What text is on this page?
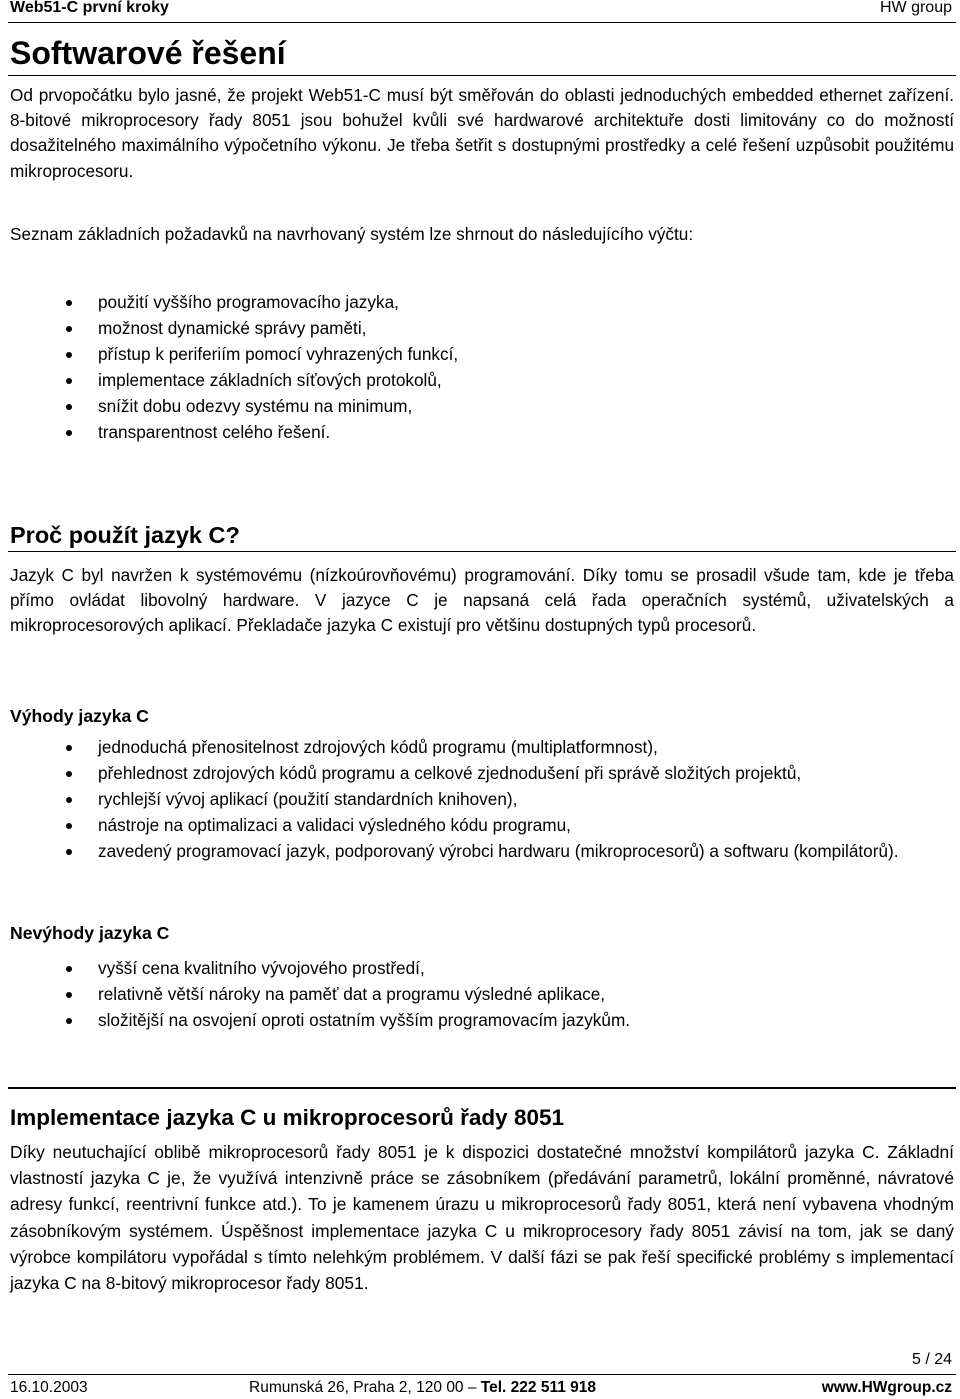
Web51-C první kroky	HW group
Softwarové řešení

Od prvopočátku bylo jasné, že projekt Web51-C musí být směřován do oblasti jednoduchých embedded ethernet zařízení. 8-bitové mikroprocesory řady 8051 jsou bohužel kvůli své hardwarové architektuře dosti limitovány co do možností dosažitelného maximálního výpočetního výkonu. Je třeba šetřit s dostupnými prostředky a celé řešení uzpůsobit použitému mikroprocesoru.

Seznam základních požadavků na navrhovaný systém lze shrnout do následujícího výčtu:

použití vyššího programovacího jazyka,
možnost dynamické správy paměti,
přístup k periferiím pomocí vyhrazených funkcí,
implementace základních síťových protokolů,
snížit dobu odezvy systému na minimum,
transparentnost celého řešení.
Proč použít jazyk C?

Jazyk C byl navržen k systémovému (nízkoúrovňovému) programování. Díky tomu se prosadil všude tam, kde je třeba přímo ovládat libovolný hardware. V jazyce C je napsaná celá řada operačních systémů, uživatelských a mikroprocesorových aplikací. Překladače jazyka C existují pro většinu dostupných typů procesorů.

Výhody jazyka C
jednoduchá přenositelnost zdrojových kódů programu (multiplatformnost),
přehlednost zdrojových kódů programu a celkové zjednodušení při správě složitých projektů,
rychlejší vývoj aplikací (použití standardních knihoven),
nástroje na optimalizaci a validaci výsledného kódu programu,
zavedený programovací jazyk, podporovaný výrobci hardwaru (mikroprocesorů) a softwaru (kompilátorů).
Nevýhody jazyka C
vyšší cena kvalitního vývojového prostředí,
relativně větší nároky na paměť dat a programu výsledné aplikace,
složitější na osvojení oproti ostatním vyšším programovacím jazykům.
Implementace jazyka C u mikroprocesorů řady 8051

Díky neutuchající oblibě mikroprocesorů řady 8051 je k dispozici dostatečné množství kompilátorů jazyka C. Základní vlastností jazyka C je, že využívá intenzivně práce se zásobníkem (předávání parametrů, lokální proměnné, návratové adresy funkcí, reentrivní funkce atd.). To je kamenem úrazu u mikroprocesorů řady 8051, která není vybavena vhodným zásobníkovým systémem. Úspěšnost implementace jazyka C u mikroprocesory řady 8051 závisí na tom, jak se daný výrobce kompilátoru vypořádal s tímto nelehkým problémem. V další fázi se pak řeší specifické problémy s implementací jazyka C na 8-bitový mikroprocesor řady 8051.

5 / 24
16.10.2003	Rumunská 26, Praha 2, 120 00 – Tel. 222 511 918	www.HWgroup.cz
